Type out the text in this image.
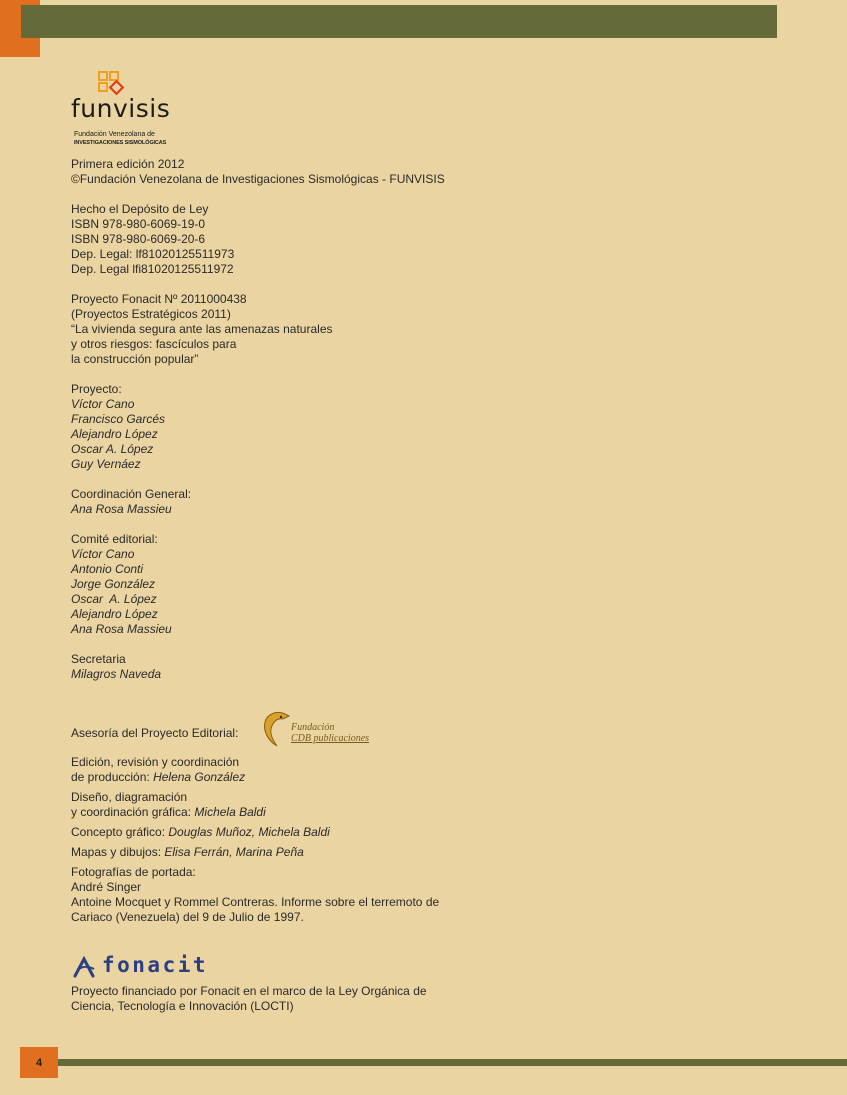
funvisis
Fundación Venezolana de
INVESTIGACIONES SISMOLÓGICAS

Primera edición 2012

©Fundación Venezolana de Investigaciones Sismológicas - FUNVISIS

Hecho el Depósito de Ley

ISBN 978-980-6069-19-0

ISBN 978-980-6069-20-6

Dep. Legal: lf81020125511973

Dep. Legal lfi81020125511972

Proyecto Fonacit Nº 2011000438

(Proyectos Estratégicos 2011)

“La vivienda segura ante las amenazas naturales

y otros riesgos: fascículos para

la construcción popular”

Proyecto:

Víctor Cano

Francisco Garcés

Alejandro López

Oscar A. López

Guy Vernáez

Coordinación General:

Ana Rosa Massieu

Comité editorial:

Víctor Cano

Antonio Conti

Jorge González

Oscar  A. López

Alejandro López

Ana Rosa Massieu

Secretaria

Milagros Naveda

Asesoría del Proyecto Editorial:	Fundación
CDB publicaciones

Edición, revisión y coordinación

de producción: Helena González

Diseño, diagramación

y coordinación gráfica: Michela Baldi

Concepto gráfico: Douglas Muñoz, Michela Baldi

Mapas y dibujos: Elisa Ferrán, Marina Peña

Fotografías de portada:

André Singer

Antoine Mocquet y Rommel Contreras. Informe sobre el terremoto de

Cariaco (Venezuela) del 9 de Julio de 1997.

fonacit

Proyecto financiado por Fonacit en el marco de la Ley Orgánica de

Ciencia, Tecnología e Innovación (LOCTI)

4
